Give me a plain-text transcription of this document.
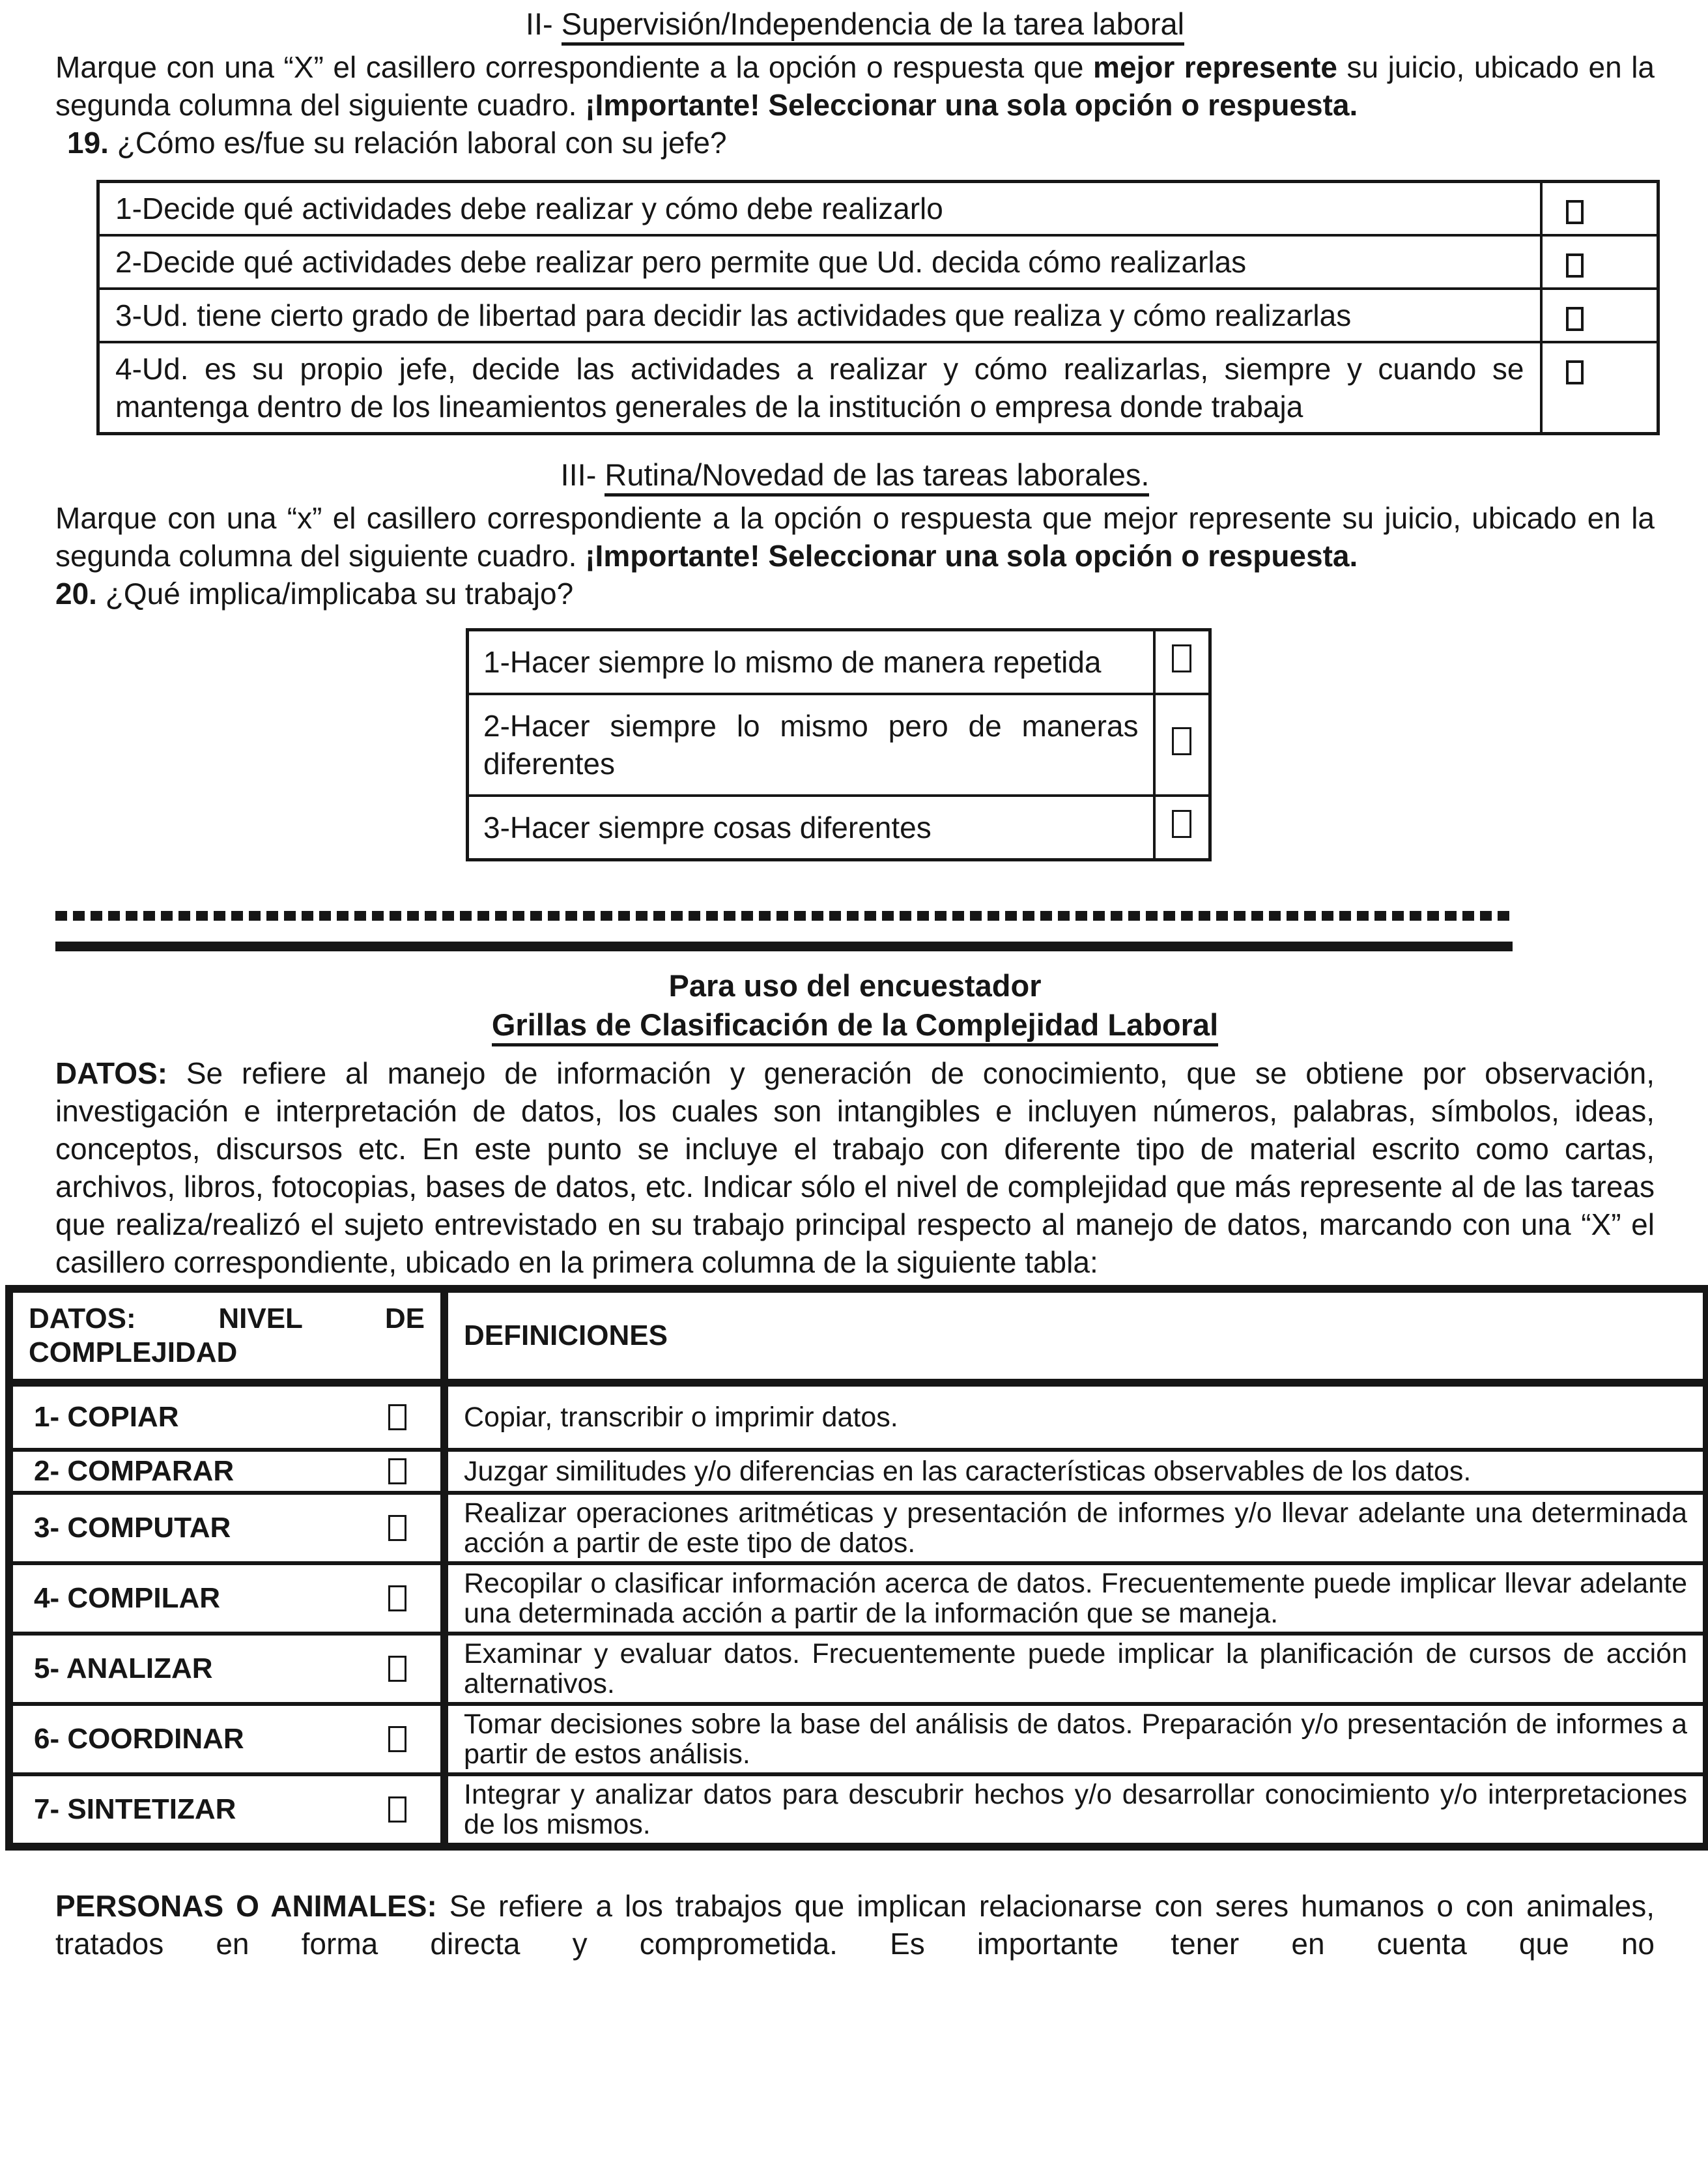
II- Supervisión/Independencia de la tarea laboral

Marque con una “X” el casillero correspondiente a la opción o respuesta que mejor represente su juicio, ubicado en la segunda columna del siguiente cuadro. ¡Importante! Seleccionar una sola opción o respuesta.

19. ¿Cómo es/fue su relación laboral con su jefe?

1-Decide qué actividades debe realizar y cómo debe realizarlo	
2-Decide qué actividades debe realizar pero permite que Ud. decida cómo realizarlas	
3-Ud. tiene cierto grado de libertad para decidir las actividades que realiza y cómo realizarlas	
4-Ud. es su propio jefe, decide las actividades a realizar y cómo realizarlas, siempre y cuando se mantenga dentro de los lineamientos generales de la institución o empresa donde trabaja	
III- Rutina/Novedad de las tareas laborales.

Marque con una “x” el casillero correspondiente a la opción o respuesta que mejor represente su juicio, ubicado en la segunda columna del siguiente cuadro. ¡Importante! Seleccionar una sola opción o respuesta.

20. ¿Qué implica/implicaba su trabajo?

1-Hacer siempre lo mismo de manera repetida	
2-Hacer siempre lo mismo pero de maneras diferentes	
3-Hacer siempre cosas diferentes	
Para uso del encuestador
Grillas de Clasificación de la Complejidad Laboral

DATOS: Se refiere al manejo de información y generación de conocimiento, que se obtiene por observación, investigación e interpretación de datos, los cuales son intangibles e incluyen números, palabras, símbolos, ideas, conceptos, discursos etc. En este punto se incluye el trabajo con diferente tipo de material escrito como cartas, archivos, libros, fotocopias, bases de datos, etc. Indicar sólo el nivel de complejidad que más represente al de las tareas que realiza/realizó el sujeto entrevistado en su trabajo principal respecto al manejo de datos, marcando con una “X” el casillero correspondiente, ubicado en la primera columna de la siguiente tabla:

DATOS: NIVEL DE COMPLEJIDAD	DEFINICIONES

1- COPIAR	Copiar, transcribir o imprimir datos.

2- COMPARAR	Juzgar similitudes y/o diferencias en las características observables de los datos.

3- COMPUTAR	Realizar operaciones aritméticas y presentación de informes y/o llevar adelante una determinada acción a partir de este tipo de datos.

4- COMPILAR	Recopilar o clasificar información acerca de datos. Frecuentemente puede implicar llevar adelante una determinada acción a partir de la información que se maneja.

5- ANALIZAR	Examinar y evaluar datos. Frecuentemente puede implicar la planificación de cursos de acción alternativos.

6- COORDINAR	Tomar decisiones sobre la base del análisis de datos. Preparación y/o presentación de informes a partir de estos análisis.

7- SINTETIZAR	Integrar y analizar datos para descubrir hechos y/o desarrollar conocimiento y/o interpretaciones de los mismos.

PERSONAS O ANIMALES: Se refiere a los trabajos que implican relacionarse con seres humanos o con animales, tratados en forma directa y comprometida. Es importante tener en cuenta que no
